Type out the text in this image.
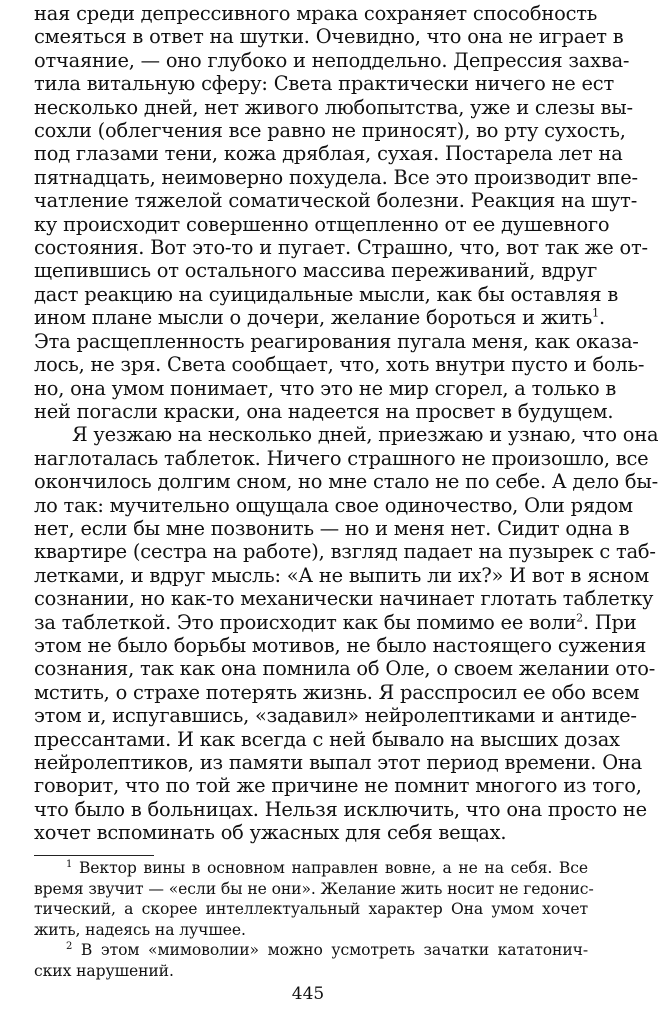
ная среди депрессивного мрака сохраняет способность
смеяться в ответ на шутки. Очевидно, что она не играет в
отчаяние, — оно глубоко и неподдельно. Депрессия захва-
тила витальную сферу: Света практически ничего не ест
несколько дней, нет живого любопытства, уже и слезы вы-
сохли (облегчения все равно не приносят), во рту сухость,
под глазами тени, кожа дряблая, сухая. Постарела лет на
пятнадцать, неимоверно похудела. Все это производит впе-
чатление тяжелой соматической болезни. Реакция на шут-
ку происходит совершенно отщепленно от ее душевного
состояния. Вот это-то и пугает. Страшно, что, вот так же от-
щепившись от остального массива переживаний, вдруг
даст реакцию на суицидальные мысли, как бы оставляя в
ином плане мысли о дочери, желание бороться и жить$^1$.
Эта расщепленность реагирования пугала меня, как оказа-
лось, не зря. Света сообщает, что, хоть внутри пусто и боль-
но, она умом понимает, что это не мир сгорел, а только в
ней погасли краски, она надеется на просвет в будущем.
Я уезжаю на несколько дней, приезжаю и узнаю, что она
наглоталась таблеток. Ничего страшного не произошло, все
окончилось долгим сном, но мне стало не по себе. А дело бы-
ло так: мучительно ощущала свое одиночество, Оли рядом
нет, если бы мне позвонить — но и меня нет. Сидит одна в
квартире (сестра на работе), взгляд падает на пузырек с таб-
летками, и вдруг мысль: «А не выпить ли их?» И вот в ясном
сознании, но как-то механически начинает глотать таблетку
за таблеткой. Это происходит как бы помимо ее воли$^2$. При
этом не было борьбы мотивов, не было настоящего сужения
сознания, так как она помнила об Оле, о своем желании ото-
мстить, о страхе потерять жизнь. Я расспросил ее обо всем
этом и, испугавшись, «задавил» нейролептиками и антиде-
прессантами. И как всегда с ней бывало на высших дозах
нейролептиков, из памяти выпал этот период времени. Она
говорит, что по той же причине не помнит многого из того,
что было в больницах. Нельзя исключить, что она просто не
хочет вспоминать об ужасных для себя вещах.
$^1$ Вектор вины в основном направлен вовне, а не на себя. Все
время звучит — «если бы не они». Желание жить носит не гедонис-
тический, а скорее интеллектуальный характер Она умом хочет
жить, надеясь на лучшее.
$^2$ В этом «мимоволии» можно усмотреть зачатки кататонич-
ских нарушений.
445
